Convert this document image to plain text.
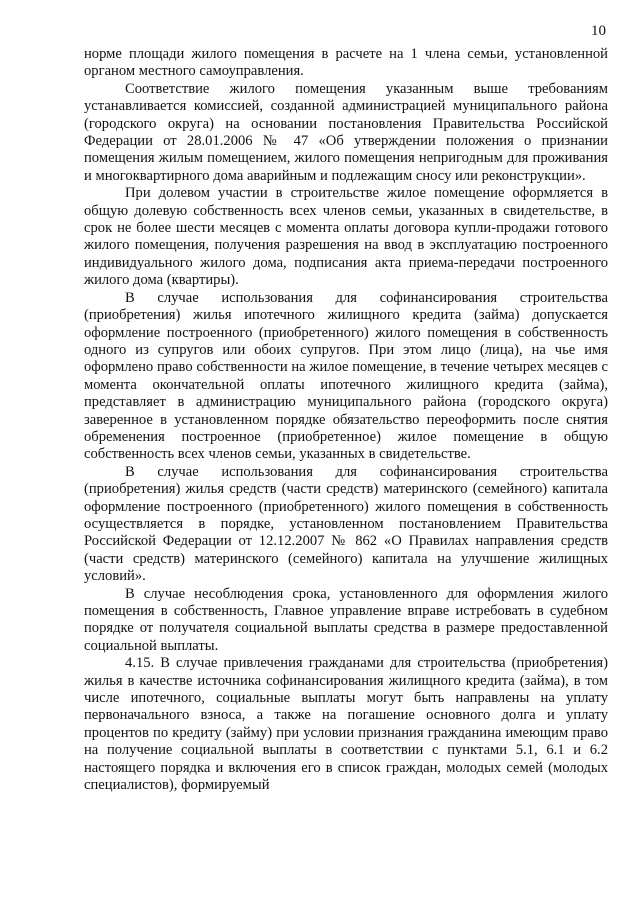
10

норме площади жилого помещения в расчете на 1 члена семьи, установленной органом местного самоуправления.

Соответствие жилого помещения указанным выше требованиям устанавливается комиссией, созданной администрацией муниципального района (городского округа) на основании постановления Правительства Российской Федерации от 28.01.2006 № 47 «Об утверждении положения о признании помещения жилым помещением, жилого помещения непригодным для проживания и многоквартирного дома аварийным и подлежащим сносу или реконструкции».

При долевом участии в строительстве жилое помещение оформляется в общую долевую собственность всех членов семьи, указанных в свидетельстве, в срок не более шести месяцев с момента оплаты договора купли-продажи готового жилого помещения, получения разрешения на ввод в эксплуатацию построенного индивидуального жилого дома, подписания акта приема-передачи построенного жилого дома (квартиры).

В случае использования для софинансирования строительства (приобретения) жилья ипотечного жилищного кредита (займа) допускается оформление построенного (приобретенного) жилого помещения в собственность одного из супругов или обоих супругов. При этом лицо (лица), на чье имя оформлено право собственности на жилое помещение, в течение четырех месяцев с момента окончательной оплаты ипотечного жилищного кредита (займа), представляет в администрацию муниципального района (городского округа) заверенное в установленном порядке обязательство переоформить после снятия обременения построенное (приобретенное) жилое помещение в общую собственность всех членов семьи, указанных в свидетельстве.

В случае использования для софинансирования строительства (приобретения) жилья средств (части средств) материнского (семейного) капитала оформление построенного (приобретенного) жилого помещения в собственность осуществляется в порядке, установленном постановлением Правительства Российской Федерации от 12.12.2007 № 862 «О Правилах направления средств (части средств) материнского (семейного) капитала на улучшение жилищных условий».

В случае несоблюдения срока, установленного для оформления жилого помещения в собственность, Главное управление вправе истребовать в судебном порядке от получателя социальной выплаты средства в размере предоставленной социальной выплаты.

4.15. В случае привлечения гражданами для строительства (приобретения) жилья в качестве источника софинансирования жилищного кредита (займа), в том числе ипотечного, социальные выплаты могут быть направлены на уплату первоначального взноса, а также на погашение основного долга и уплату процентов по кредиту (займу) при условии признания гражданина имеющим право на получение социальной выплаты в соответствии с пунктами 5.1, 6.1 и 6.2 настоящего порядка и включения его в список граждан, молодых семей (молодых специалистов), формируемый
